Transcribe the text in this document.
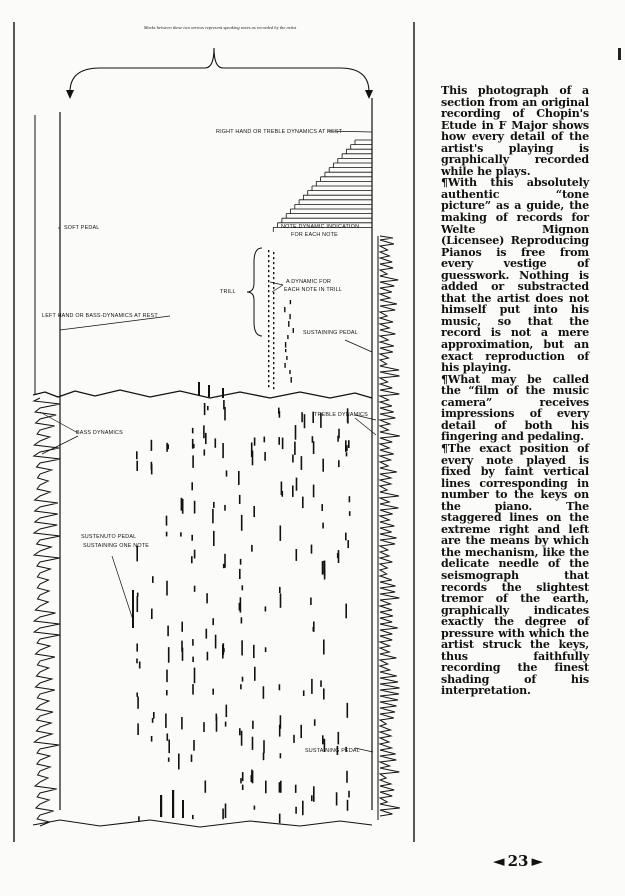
Marks between these two arrows represent speaking notes as recorded by the artist
RIGHT HAND OR TREBLE DYNAMICS AT REST
NOTE DYNAMIC INDICATION
FOR EACH NOTE
SOFT PEDAL
TRILL
A DYNAMIC FOR
EACH NOTE IN TRILL
LEFT HAND OR BASS-DYNAMICS AT REST
SUSTAINING PEDAL
TREBLE DYNAMICS
BASS DYNAMICS
SUSTENUTO PEDAL
SUSTAINING ONE NOTE
SUSTAINING PEDAL

This photograph of a section from an original recording of Chopin's Etude in F Major shows how every detail of the artist's playing is graphically recorded while he plays.

¶With this absolutely authentic “tone picture” as a guide, the making of records for Welte Mignon (Licensee) Reproducing Pianos is free from every vestige of guesswork. Nothing is added or substracted that the artist does not himself put into his music, so that the record is not a mere approximation, but an exact reproduction of his playing.

¶What may be called the “film of the music camera” receives impressions of every detail of both his fingering and pedaling.

¶The exact position of every note played is fixed by faint vertical lines corresponding in number to the keys on the piano. The staggered lines on the extreme right and left are the means by which the mechanism, like the delicate needle of the seismograph that records the slightest tremor of the earth, graphically indicates exactly the degree of pressure with which the artist struck the keys, thus faithfully recording the finest shading of his interpretation.

◄ 23 ►
